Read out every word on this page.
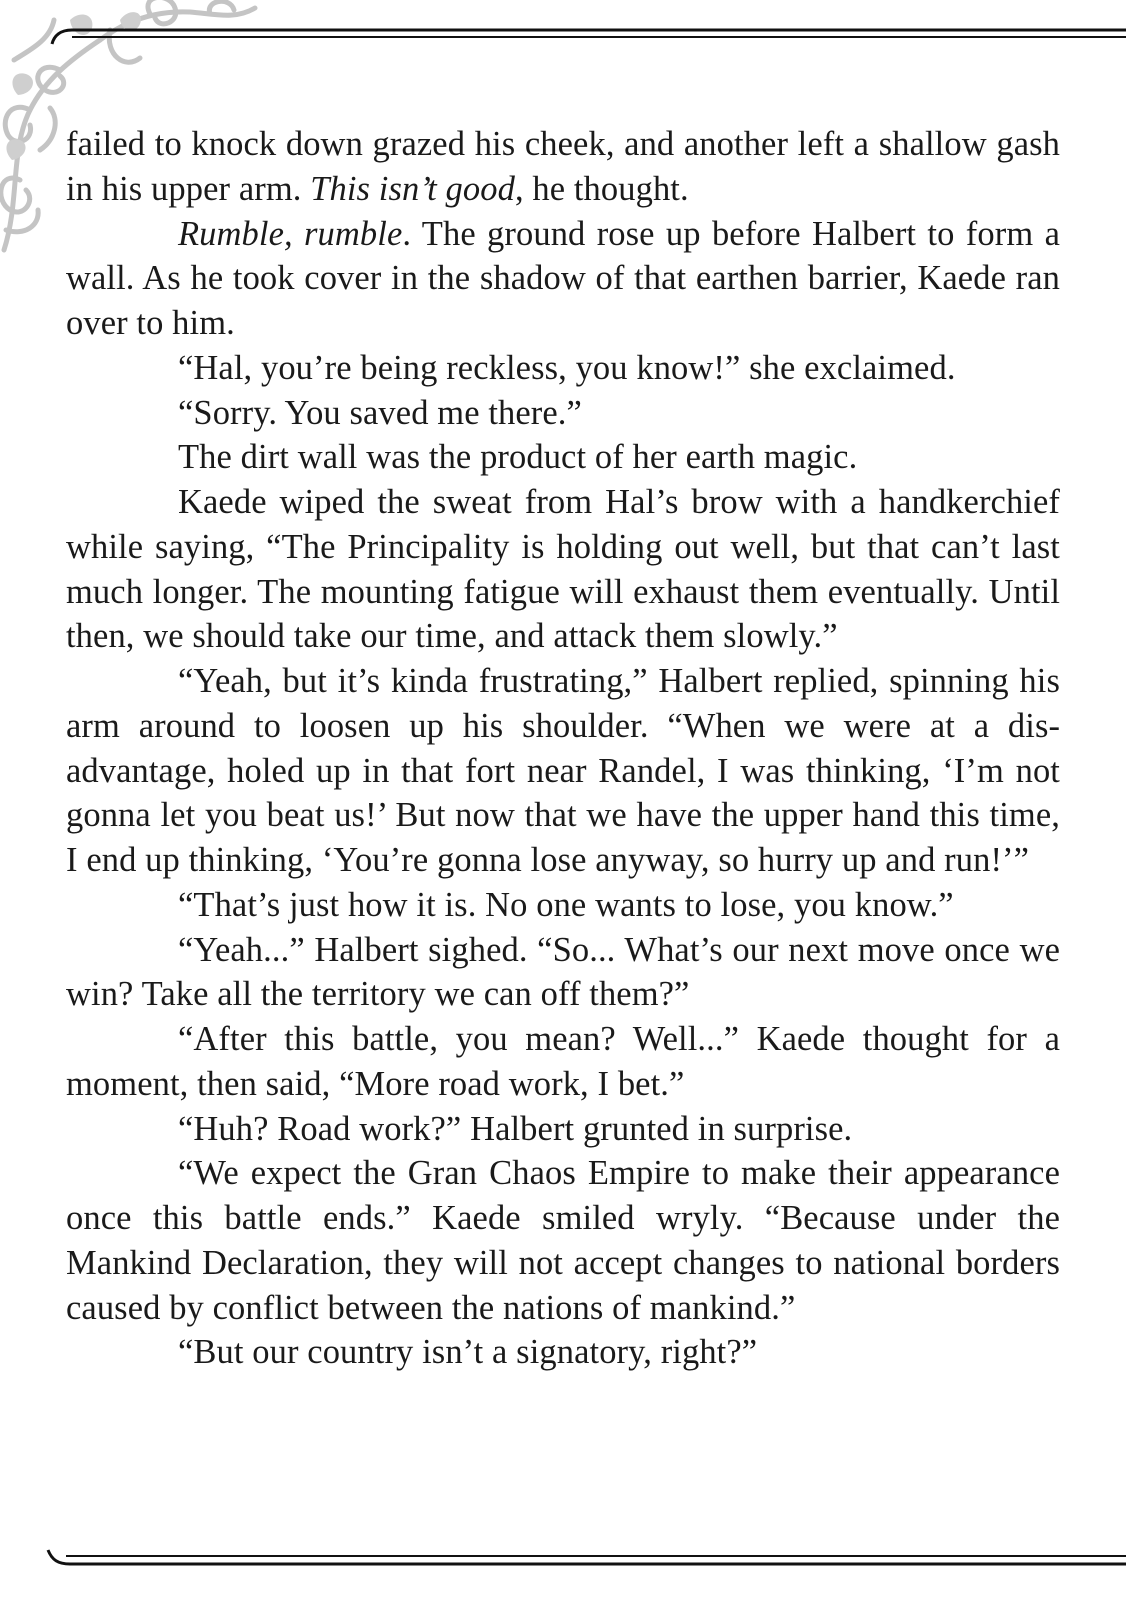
failed to knock down grazed his cheek, and another left a shallow gash in his upper arm. This isn’t good, he thought.

Rumble, rumble. The ground rose up before Halbert to form a wall. As he took cover in the shadow of that earthen barrier, Kaede ran over to him.

“Hal, you’re being reckless, you know!” she exclaimed.

“Sorry. You saved me there.”

The dirt wall was the product of her earth magic.

Kaede wiped the sweat from Hal’s brow with a handkerchief while saying, “The Principality is holding out well, but that can’t last much longer. The mounting fatigue will exhaust them eventually. Until then, we should take our time, and attack them slowly.”

“Yeah, but it’s kinda frustrating,” Halbert replied, spinning his arm around to loosen up his shoulder. “When we were at a disadvantage, holed up in that fort near Randel, I was thinking, ‘I’m not gonna let you beat us!’ But now that we have the upper hand this time, I end up thinking, ‘You’re gonna lose anyway, so hurry up and run!’”

“That’s just how it is. No one wants to lose, you know.”

“Yeah...” Halbert sighed. “So... What’s our next move once we win? Take all the territory we can off them?”

“After this battle, you mean? Well...” Kaede thought for a moment, then said, “More road work, I bet.”

“Huh? Road work?” Halbert grunted in surprise.

“We expect the Gran Chaos Empire to make their appearance once this battle ends.” Kaede smiled wryly. “Because under the Mankind Declaration, they will not accept changes to national borders caused by conflict between the nations of mankind.”

“But our country isn’t a signatory, right?”
